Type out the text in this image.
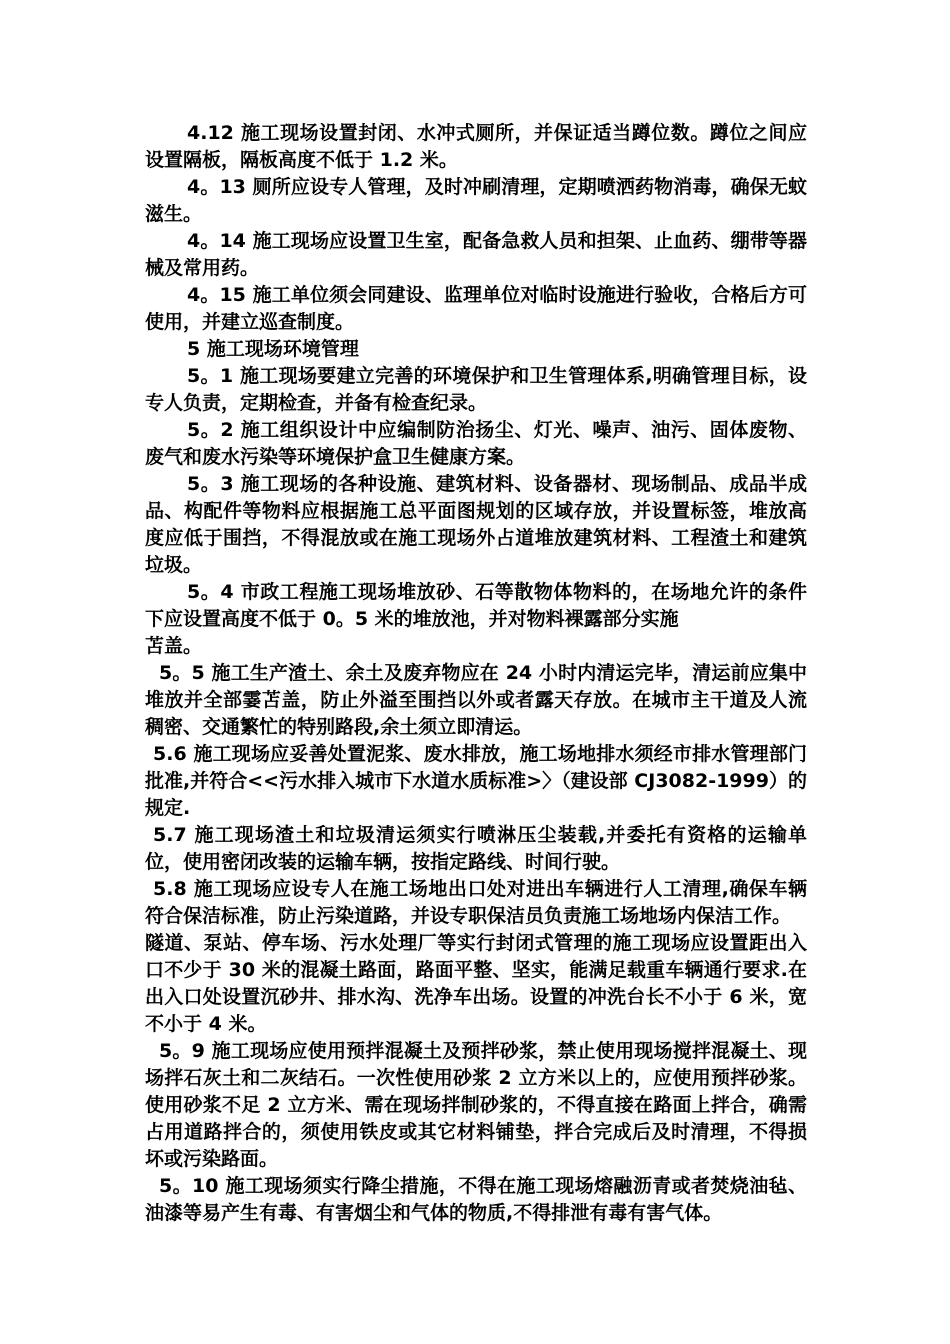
4.12 施工现场设置封闭、水冲式厕所，并保证适当蹲位数。蹲位之间应设置隔板，隔板高度不低于 1.2 米。

4。13 厕所应设专人管理，及时冲刷清理，定期喷洒药物消毒，确保无蚊滋生。

4。14 施工现场应设置卫生室，配备急救人员和担架、止血药、绷带等器械及常用药。

4。15 施工单位须会同建设、监理单位对临时设施进行验收，合格后方可使用，并建立巡查制度。

5 施工现场环境管理

5。1 施工现场要建立完善的环境保护和卫生管理体系,明确管理目标，设专人负责，定期检查，并备有检查纪录。

5。2 施工组织设计中应编制防治扬尘、灯光、噪声、油污、固体废物、废气和废水污染等环境保护盒卫生健康方案。

5。3 施工现场的各种设施、建筑材料、设备器材、现场制品、成品半成品、构配件等物料应根据施工总平面图规划的区域存放，并设置标签，堆放高度应低于围挡，不得混放或在施工现场外占道堆放建筑材料、工程渣土和建筑垃圾。

5。4 市政工程施工现场堆放砂、石等散物体物料的，在场地允许的条件下应设置高度不低于 0。5 米的堆放池，并对物料裸露部分实施

苫盖。

5。5 施工生产渣土、余土及废弃物应在 24 小时内清运完毕，清运前应集中堆放并全部霎苫盖，防止外溢至围挡以外或者露天存放。在城市主干道及人流稠密、交通繁忙的特别路段,余土须立即清运。

5.6 施工现场应妥善处置泥浆、废水排放，施工场地排水须经市排水管理部门批准,并符合<<污水排入城市下水道水质标准>〉（建设部 CJ3082-1999）的规定.

5.7 施工现场渣土和垃圾清运须实行喷淋压尘装载,并委托有资格的运输单位，使用密闭改装的运输车辆，按指定路线、时间行驶。

5.8 施工现场应设专人在施工场地出口处对进出车辆进行人工清理,确保车辆符合保洁标准，防止污染道路，并设专职保洁员负责施工场地场内保洁工作。

隧道、泵站、停车场、污水处理厂等实行封闭式管理的施工现场应设置距出入口不少于 30 米的混凝土路面，路面平整、坚实，能满足载重车辆通行要求.在出入口处设置沉砂井、排水沟、洗净车出场。设置的冲洗台长不小于 6 米，宽不小于 4 米。

5。9 施工现场应使用预拌混凝土及预拌砂浆，禁止使用现场搅拌混凝土、现场拌石灰土和二灰结石。一次性使用砂浆 2 立方米以上的，应使用预拌砂浆。使用砂浆不足 2 立方米、需在现场拌制砂浆的，不得直接在路面上拌合，确需占用道路拌合的，须使用铁皮或其它材料铺垫，拌合完成后及时清理，不得损坏或污染路面。

5。10 施工现场须实行降尘措施，不得在施工现场熔融沥青或者焚烧油毡、油漆等易产生有毒、有害烟尘和气体的物质,不得排泄有毒有害气体。
